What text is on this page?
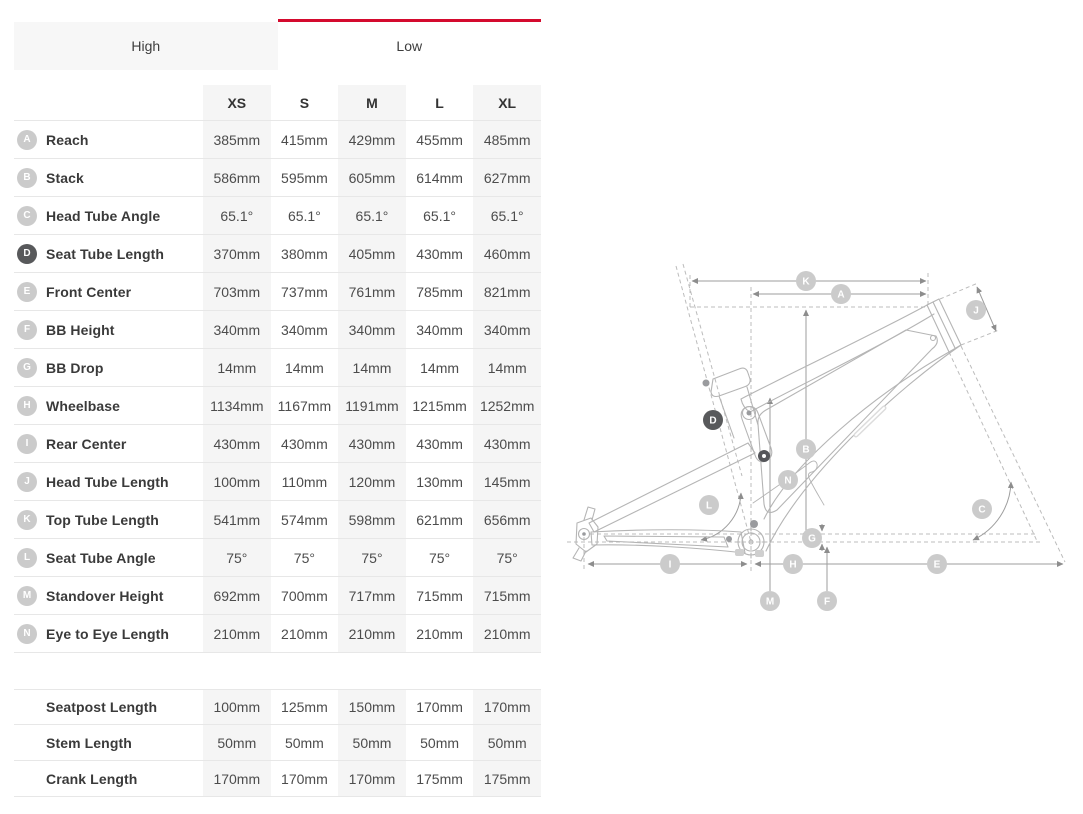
High	Low
XS	S	M	L	XL
A	Reach	385mm	415mm	429mm	455mm	485mm
B	Stack	586mm	595mm	605mm	614mm	627mm
C	Head Tube Angle	65.1°	65.1°	65.1°	65.1°	65.1°
D	Seat Tube Length	370mm	380mm	405mm	430mm	460mm
E	Front Center	703mm	737mm	761mm	785mm	821mm
F	BB Height	340mm	340mm	340mm	340mm	340mm
G	BB Drop	14mm	14mm	14mm	14mm	14mm
H	Wheelbase	1134mm	1167mm	1191mm 1215mm 1252mm
I	Rear Center	430mm	430mm	430mm	430mm	430mm
J	Head Tube Length	100mm	110mm	120mm	130mm	145mm
K	Top Tube Length	541mm	574mm	598mm	621mm	656mm
L	Seat Tube Angle	75°	75°	75°	75°	75°
M	Standover Height	692mm	700mm	717mm	715mm	715mm
N	Eye to Eye Length	210mm	210mm	210mm	210mm	210mm
Seatpost Length	100mm	125mm	150mm	170mm	170mm
Stem Length	50mm	50mm	50mm	50mm	50mm
Crank Length	170mm	170mm	170mm	175mm	175mm
K
A
J
D
B
N
L	C
G
I	H	E
M	F
